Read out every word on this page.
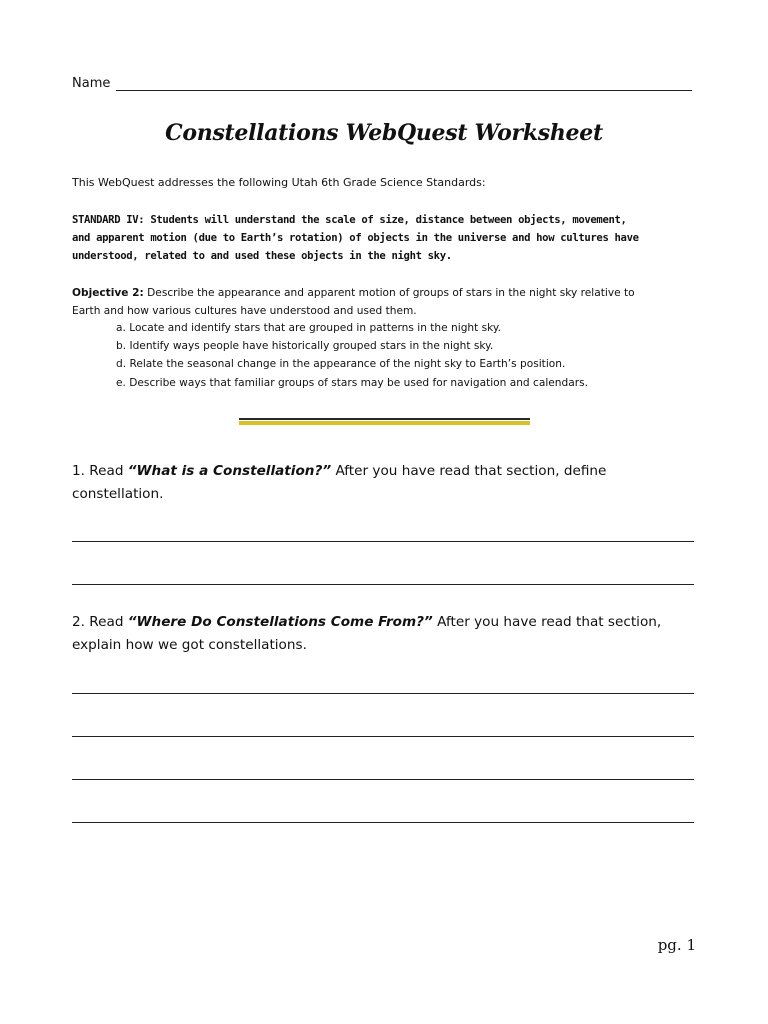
Name
Constellations WebQuest Worksheet
This WebQuest addresses the following Utah 6th Grade Science Standards:
STANDARD IV: Students will understand the scale of size, distance between objects, movement,
and apparent motion (due to Earth’s rotation) of objects in the universe and how cultures have
understood, related to and used these objects in the night sky.
Objective 2: Describe the appearance and apparent motion of groups of stars in the night sky relative to
Earth and how various cultures have understood and used them.
a. Locate and identify stars that are grouped in patterns in the night sky.
b. Identify ways people have historically grouped stars in the night sky.
d. Relate the seasonal change in the appearance of the night sky to Earth’s position.
e. Describe ways that familiar groups of stars may be used for navigation and calendars.
1. Read “What is a Constellation?” After you have read that section, define
constellation.
2. Read “Where Do Constellations Come From?” After you have read that section,
explain how we got constellations.
pg. 1
